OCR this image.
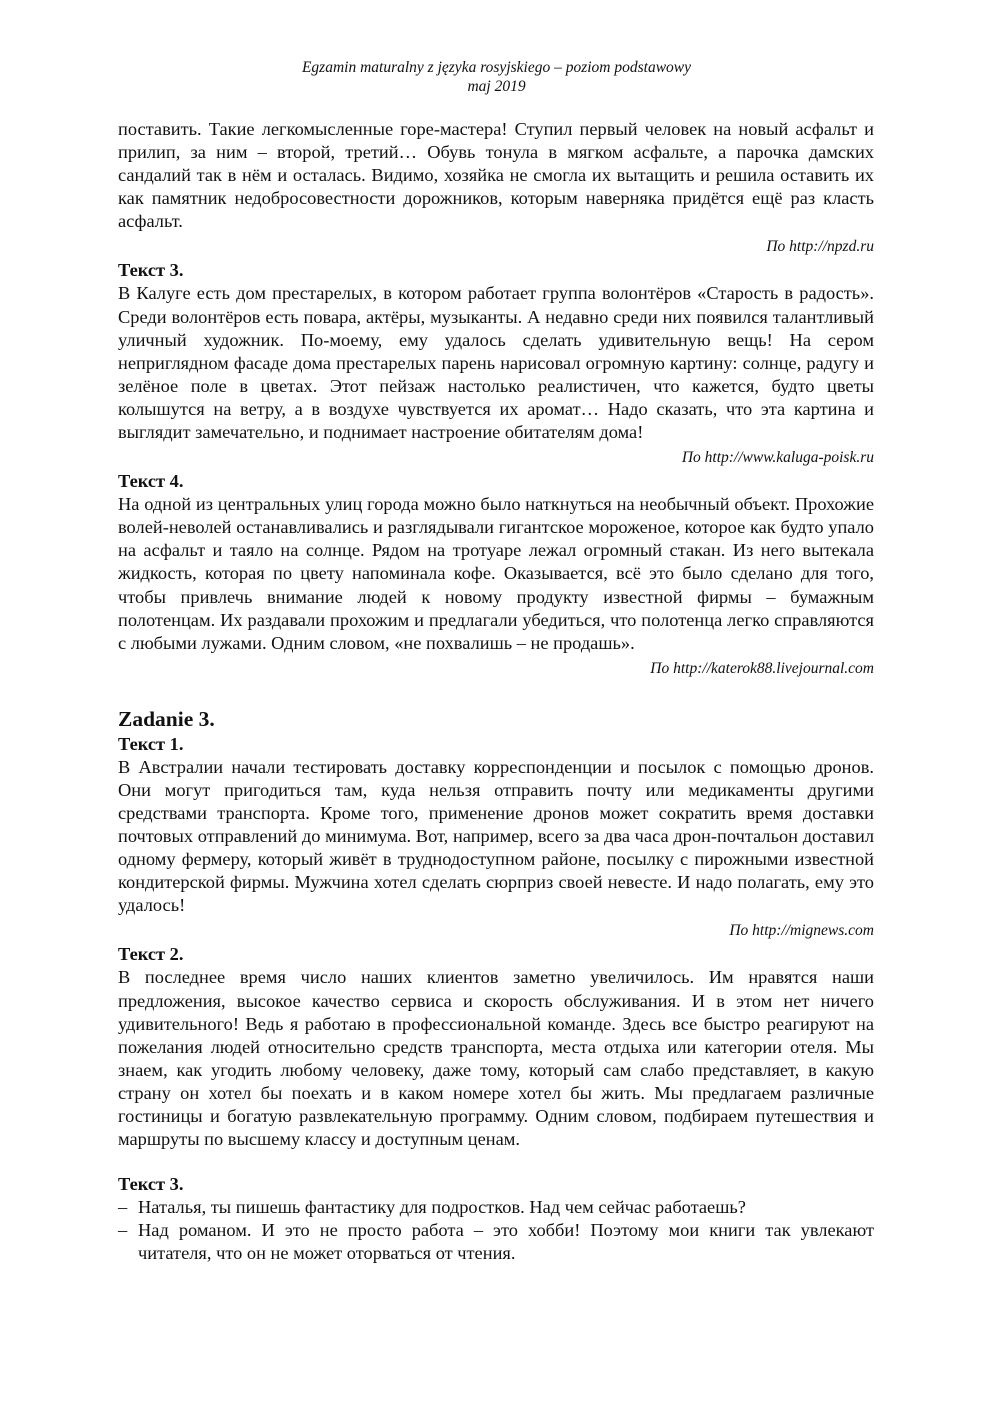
Egzamin maturalny z języka rosyjskiego – poziom podstawowy
maj 2019

поставить. Такие легкомысленные горе-мастера! Ступил первый человек на новый асфальт и прилип, за ним – второй, третий… Обувь тонула в мягком асфальте, а парочка дамских сандалий так в нём и осталась. Видимо, хозяйка не смогла их вытащить и решила оставить их как памятник недобросовестности дорожников, которым наверняка придётся ещё раз класть асфальт.

По http://npzd.ru
Текст 3.

В Калуге есть дом престарелых, в котором работает группа волонтёров «Старость в радость». Среди волонтёров есть повара, актёры, музыканты. А недавно среди них появился талантливый уличный художник. По-моему, ему удалось сделать удивительную вещь! На сером неприглядном фасаде дома престарелых парень нарисовал огромную картину: солнце, радугу и зелёное поле в цветах. Этот пейзаж настолько реалистичен, что кажется, будто цветы колышутся на ветру, а в воздухе чувствуется их аромат… Надо сказать, что эта картина и выглядит замечательно, и поднимает настроение обитателям дома!

По http://www.kaluga-poisk.ru
Текст 4.

На одной из центральных улиц города можно было наткнуться на необычный объект. Прохожие волей-неволей останавливались и разглядывали гигантское мороженое, которое как будто упало на асфальт и таяло на солнце. Рядом на тротуаре лежал огромный стакан. Из него вытекала жидкость, которая по цвету напоминала кофе. Оказывается, всё это было сделано для того, чтобы привлечь внимание людей к новому продукту известной фирмы – бумажным полотенцам. Их раздавали прохожим и предлагали убедиться, что полотенца легко справляются с любыми лужами. Одним словом, «не похвалишь – не продашь».

По http://katerok88.livejournal.com
Zadanie 3.
Текст 1.

В Австралии начали тестировать доставку корреспонденции и посылок с помощью дронов. Они могут пригодиться там, куда нельзя отправить почту или медикаменты другими средствами транспорта. Кроме того, применение дронов может сократить время доставки почтовых отправлений до минимума. Вот, например, всего за два часа дрон-почтальон доставил одному фермеру, который живёт в труднодоступном районе, посылку с пирожными известной кондитерской фирмы. Мужчина хотел сделать сюрприз своей невесте. И надо полагать, ему это удалось!

По http://mignews.com
Текст 2.

В последнее время число наших клиентов заметно увеличилось. Им нравятся наши предложения, высокое качество сервиса и скорость обслуживания. И в этом нет ничего удивительного! Ведь я работаю в профессиональной команде. Здесь все быстро реагируют на пожелания людей относительно средств транспорта, места отдыха или категории отеля. Мы знаем, как угодить любому человеку, даже тому, который сам слабо представляет, в какую страну он хотел бы поехать и в каком номере хотел бы жить. Мы предлагаем различные гостиницы и богатую развлекательную программу. Одним словом, подбираем путешествия и маршруты по высшему классу и доступным ценам.

Текст 3.
– Наталья, ты пишешь фантастику для подростков. Над чем сейчас работаешь?
– Над романом. И это не просто работа – это хобби! Поэтому мои книги так увлекают читателя, что он не может оторваться от чтения.
